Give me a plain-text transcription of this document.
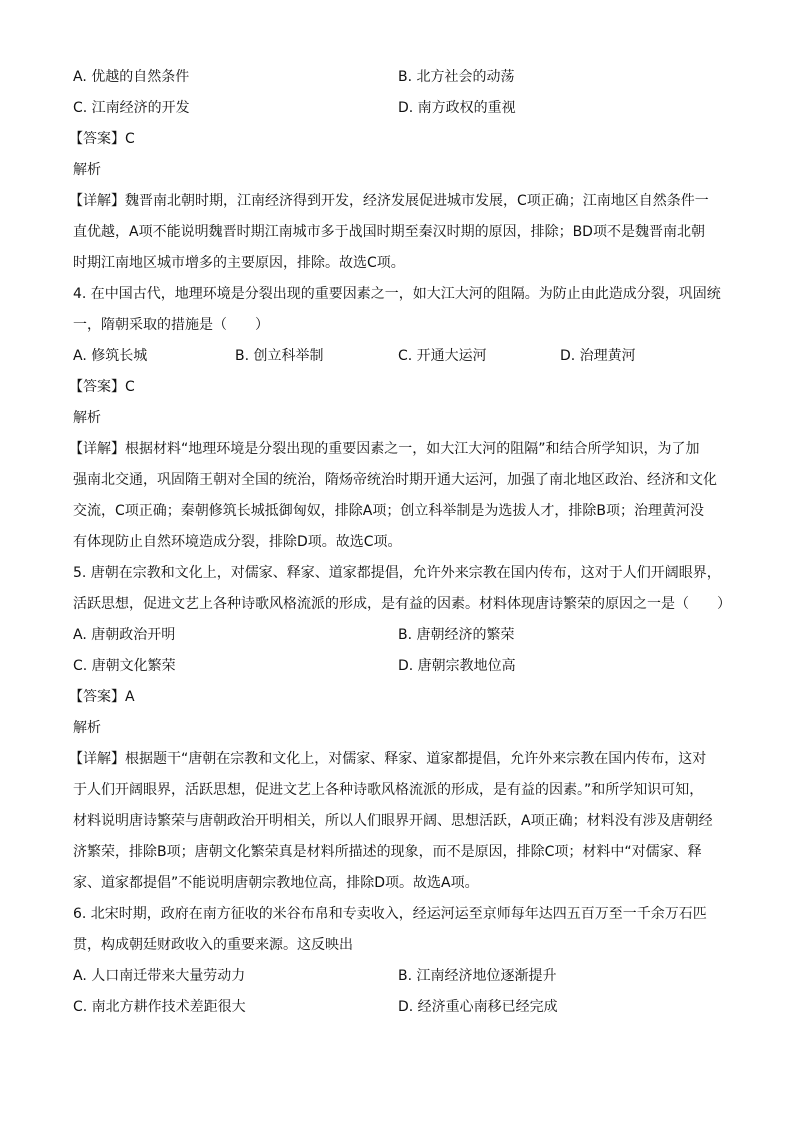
A. 优越的自然条件	B. 北方社会的动荡
C. 江南经济的开发	D. 南方政权的重视
【答案】C
解析
【详解】魏晋南北朝时期，江南经济得到开发，经济发展促进城市发展，C项正确；江南地区自然条件一
直优越，A项不能说明魏晋时期江南城市多于战国时期至秦汉时期的原因，排除；BD项不是魏晋南北朝
时期江南地区城市增多的主要原因，排除。故选C项。
4. 在中国古代，地理环境是分裂出现的重要因素之一，如大江大河的阻隔。为防止由此造成分裂，巩固统
一，隋朝采取的措施是（　　）
A. 修筑长城	B. 创立科举制	C. 开通大运河	D. 治理黄河
【答案】C
解析
【详解】根据材料“地理环境是分裂出现的重要因素之一，如大江大河的阻隔”和结合所学知识，为了加
强南北交通，巩固隋王朝对全国的统治，隋炀帝统治时期开通大运河，加强了南北地区政治、经济和文化
交流，C项正确；秦朝修筑长城抵御匈奴，排除A项；创立科举制是为选拔人才，排除B项；治理黄河没
有体现防止自然环境造成分裂，排除D项。故选C项。
5. 唐朝在宗教和文化上，对儒家、释家、道家都提倡，允许外来宗教在国内传布，这对于人们开阔眼界，
活跃思想，促进文艺上各种诗歌风格流派的形成，是有益的因素。材料体现唐诗繁荣的原因之一是（　　）
A. 唐朝政治开明	B. 唐朝经济的繁荣
C. 唐朝文化繁荣	D. 唐朝宗教地位高
【答案】A
解析
【详解】根据题干“唐朝在宗教和文化上，对儒家、释家、道家都提倡，允许外来宗教在国内传布，这对
于人们开阔眼界，活跃思想，促进文艺上各种诗歌风格流派的形成，是有益的因素。”和所学知识可知，
材料说明唐诗繁荣与唐朝政治开明相关，所以人们眼界开阔、思想活跃，A项正确；材料没有涉及唐朝经
济繁荣，排除B项；唐朝文化繁荣真是材料所描述的现象，而不是原因，排除C项；材料中“对儒家、释
家、道家都提倡”不能说明唐朝宗教地位高，排除D项。故选A项。
6. 北宋时期，政府在南方征收的米谷布帛和专卖收入，经运河运至京师每年达四五百万至一千余万石匹
贯，构成朝廷财政收入的重要来源。这反映出
A. 人口南迁带来大量劳动力	B. 江南经济地位逐渐提升
C. 南北方耕作技术差距很大	D. 经济重心南移已经完成
